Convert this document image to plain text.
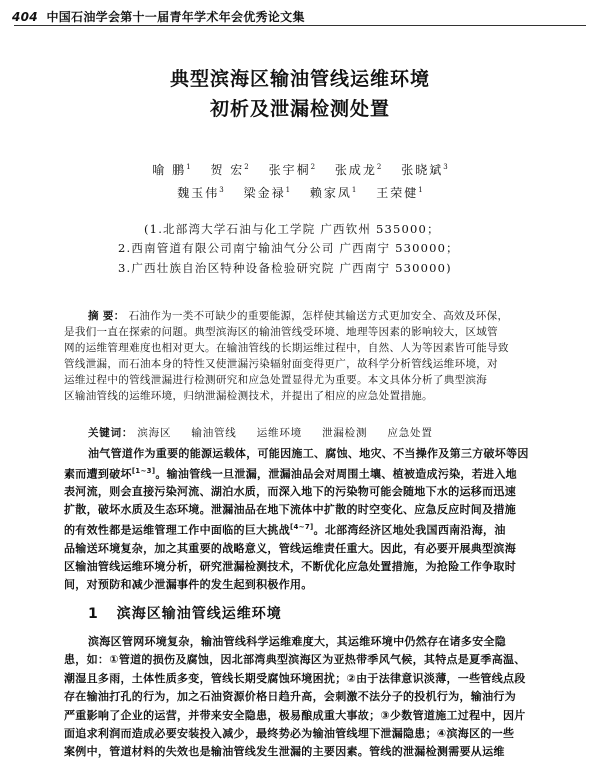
404 中国石油学会第十一届青年学术年会优秀论文集
典型滨海区输油管线运维环境
初析及泄漏检测处置
喻 鹏$^1$ 贺 宏$^2$ 张宇桐$^2$ 张成龙$^2$ 张晓斌$^3$
魏玉伟$^3$ 梁金禄$^1$ 赖家凤$^1$ 王荣健$^1$
(1.北部湾大学石油与化工学院 广西钦州 535000；
2.西南管道有限公司南宁输油气分公司 广西南宁 530000；
3.广西壮族自治区特种设备检验研究院 广西南宁 530000)
摘 要： 石油作为一类不可缺少的重要能源，怎样使其输送方式更加安全、高效及环保，
是我们一直在探索的问题。典型滨海区的输油管线受环境、地理等因素的影响较大，区域管
网的运维管理难度也相对更大。在输油管线的长期运维过程中，自然、人为等因素皆可能导致
管线泄漏，而石油本身的特性又使泄漏污染辐射面变得更广，故科学分析管线运维环境，对
运维过程中的管线泄漏进行检测研究和应急处置显得尤为重要。本文具体分析了典型滨海
区输油管线的运维环境，归纳泄漏检测技术，并提出了相应的应急处置措施。
关键词： 滨海区 输油管线 运维环境 泄漏检测 应急处置
油气管道作为重要的能源运载体，可能因施工、腐蚀、地灾、不当操作及第三方破坏等因
素而遭到破坏[1~3]。输油管线一旦泄漏，泄漏油品会对周围土壤、植被造成污染，若进入地
表河流，则会直接污染河流、湖泊水质，而深入地下的污染物可能会随地下水的运移而迅速
扩散，破坏水质及生态环境。泄漏油品在地下流体中扩散的时空变化、应急反应时间及措施
的有效性都是运维管理工作中面临的巨大挑战[4~7]。北部湾经济区地处我国西南沿海，油
品输送环境复杂，加之其重要的战略意义，管线运维责任重大。因此，有必要开展典型滨海
区输油管线运维环境分析，研究泄漏检测技术，不断优化应急处置措施，为抢险工作争取时
间，对预防和减少泄漏事件的发生起到积极作用。
1 滨海区输油管线运维环境
滨海区管网环境复杂，输油管线科学运维难度大，其运维环境中仍然存在诸多安全隐
患，如：①管道的损伤及腐蚀，因北部湾典型滨海区为亚热带季风气候，其特点是夏季高温、
潮湿且多雨，土体性质多变，管线长期受腐蚀环境困扰；②由于法律意识淡薄，一些管线点段
存在输油打孔的行为，加之石油资源价格日趋升高，会刺激不法分子的投机行为，输油行为
严重影响了企业的运营，并带来安全隐患，极易酿成重大事故；③少数管道施工过程中，因片
面追求利润而造成必要安装投入减少，最终势必为输油管线埋下泄漏隐患；④滨海区的一些
案例中，管道材料的失效也是输油管线发生泄漏的主要因素。管线的泄漏检测需要从运维
